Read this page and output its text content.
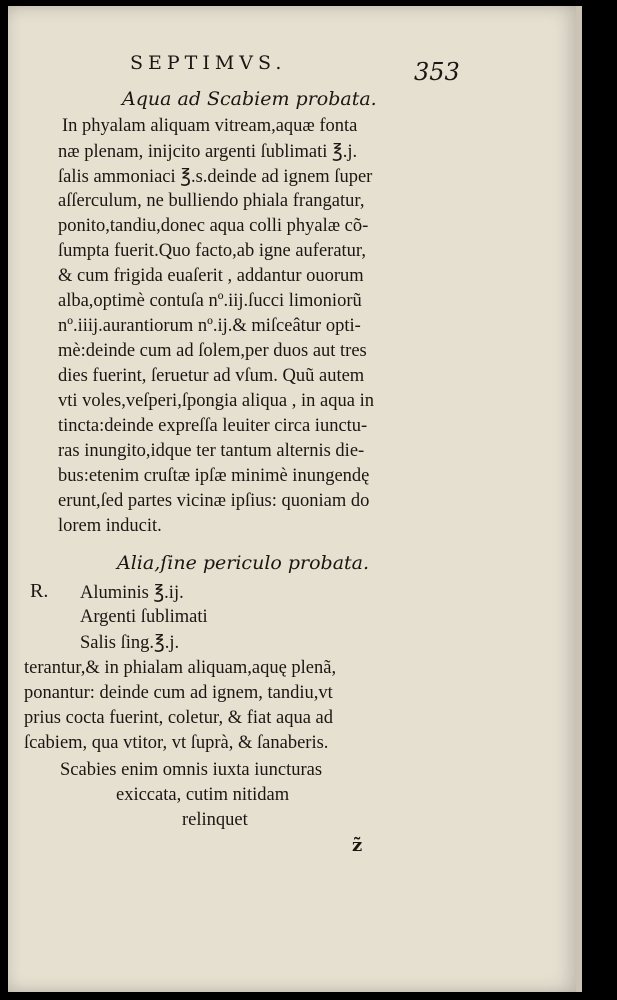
SEPTIMVS.	353
Aqua ad Scabiem probata.
In phyalam aliquam vitream,aquæ fonta
næ plenam, inijcito argenti ſublimati ℥.j.
ſalis ammoniaci ℥.s.deinde ad ignem ſuper
aſſerculum, ne bulliendo phiala frangatur,
ponito,tandiu,donec aqua colli phyalæ cõ-
ſumpta fuerit.Quo facto,ab igne auferatur,
& cum frigida euaſerit , addantur ouorum
alba,optimè contuſa nº.iij.ſucci limoniorũ
nº.iiij.aurantiorum nº.ij.& miſceâtur opti-
mè:deinde cum ad ſolem,per duos aut tres
dies fuerint, ſeruetur ad vſum. Quũ autem
vti voles,veſperi,ſpongia aliqua , in aqua in
tincta:deinde expreſſa leuiter circa iunctu-
ras inungito,idque ter tantum alternis die-
bus:etenim cruſtæ ipſæ minimè inungendę
erunt,ſed partes vicinæ ipſius: quoniam do
lorem inducit.
Alia,ſine periculo probata.
R. Aluminis ℥.ij.
Argenti ſublimati
Salis ſing.℥.j.
terantur,& in phialam aliquam,aquę plenã,
ponantur: deinde cum ad ignem, tandiu,vt
prius cocta fuerint, coletur, & fiat aqua ad
ſcabiem, qua vtitor, vt ſuprà, & ſanaberis.
Scabies enim omnis iuxta iuncturas
exiccata, cutim nitidam
relinquet
z̃
